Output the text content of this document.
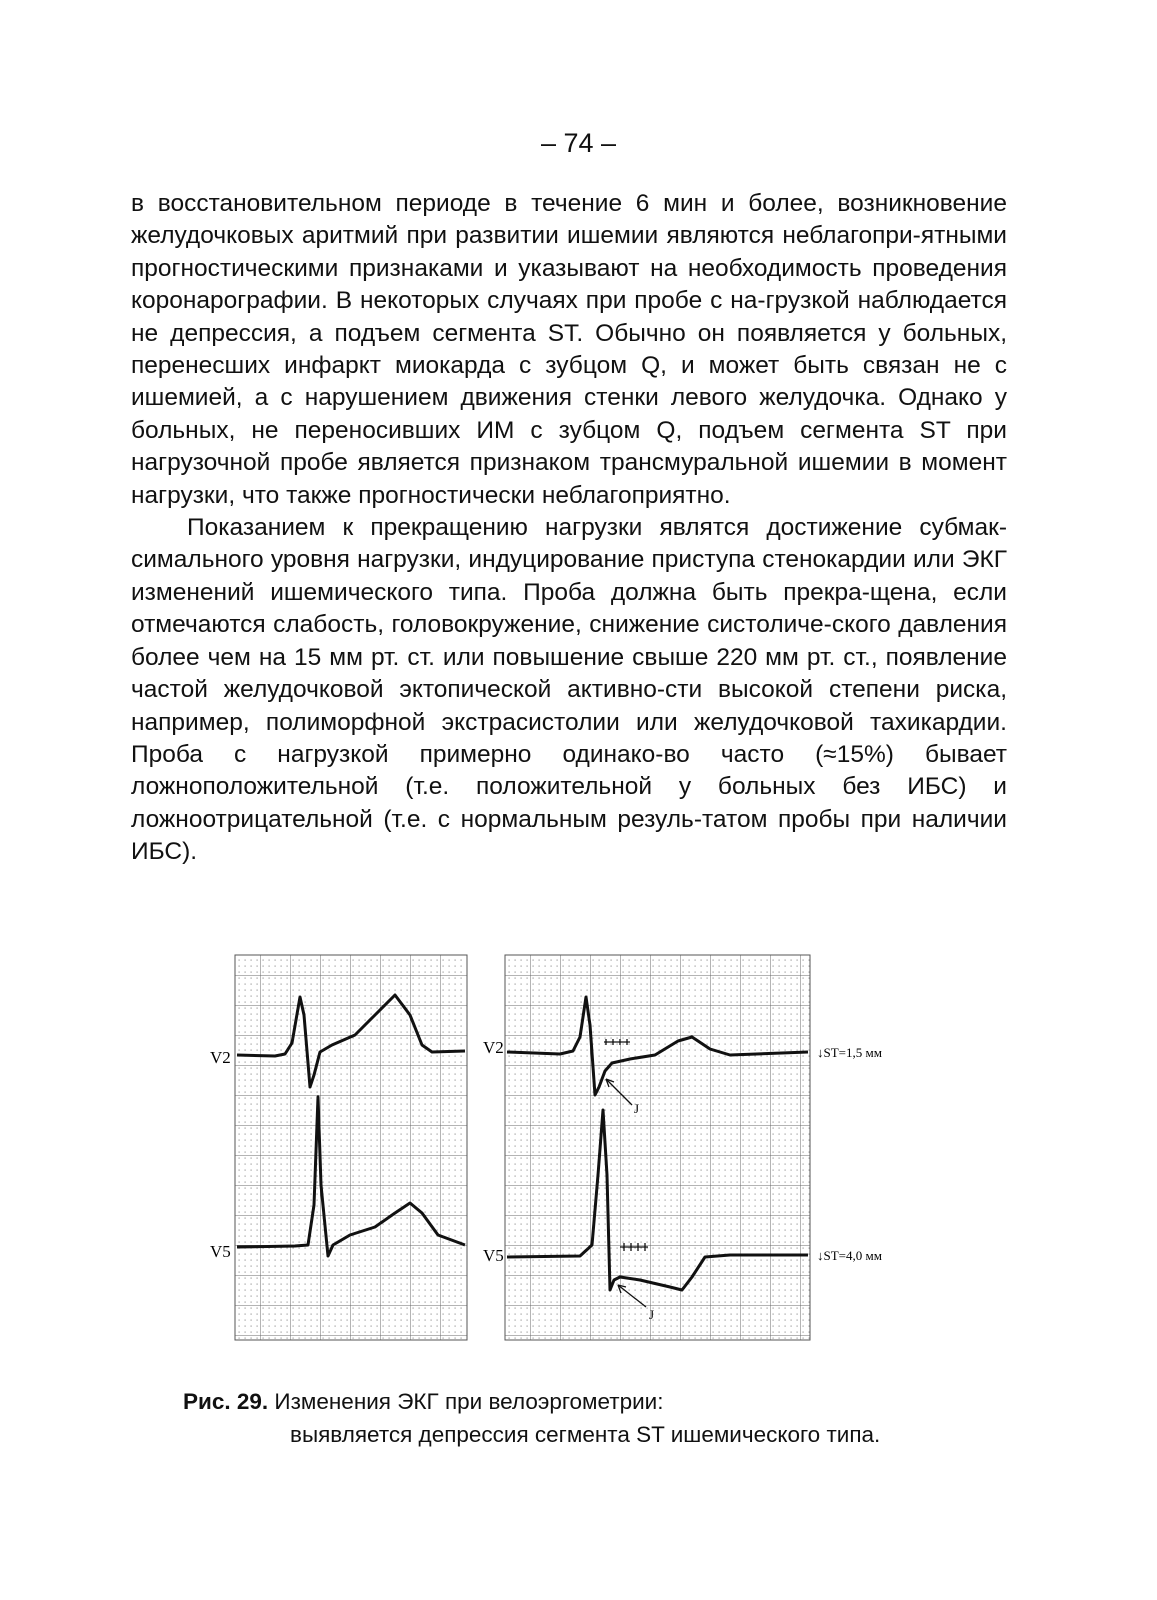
– 74 –

в восстановительном периоде в течение 6 мин и более, возникновение желудочковых аритмий при развитии ишемии являются неблагопри-ятными прогностическими признаками и указывают на необходимость проведения коронарографии. В некоторых случаях при пробе с на-грузкой наблюдается не депрессия, а подъем сегмента ST. Обычно он появляется у больных, перенесших инфаркт миокарда с зубцом Q, и может быть связан не с ишемией, а с нарушением движения стенки левого желудочка. Однако у больных, не переносивших ИМ с зубцом Q, подъем сегмента ST при нагрузочной пробе является признаком трансмуральной ишемии в момент нагрузки, что также прогностически неблагоприятно.

Показанием к прекращению нагрузки являтся достижение субмак-симального уровня нагрузки, индуцирование приступа стенокардии или ЭКГ изменений ишемического типа. Проба должна быть прекра-щена, если отмечаются слабость, головокружение, снижение систоличе-ского давления более чем на 15 мм рт. ст. или повышение свыше 220 мм рт. ст., появление частой желудочковой эктопической активно-сти высокой степени риска, например, полиморфной экстрасистолии или желудочковой тахикардии. Проба с нагрузкой примерно одинако-во часто (≈15%) бывает ложноположительной (т.е. положительной у больных без ИБС) и ложноотрицательной (т.е. с нормальным резуль-татом пробы при наличии ИБС).

V2
V5
V2
V5
J
J
↓ST=1,5 мм
↓ST=4,0 мм
Рис. 29. Изменения ЭКГ при велоэргометрии:
выявляется депрессия сегмента ST ишемического типа.
